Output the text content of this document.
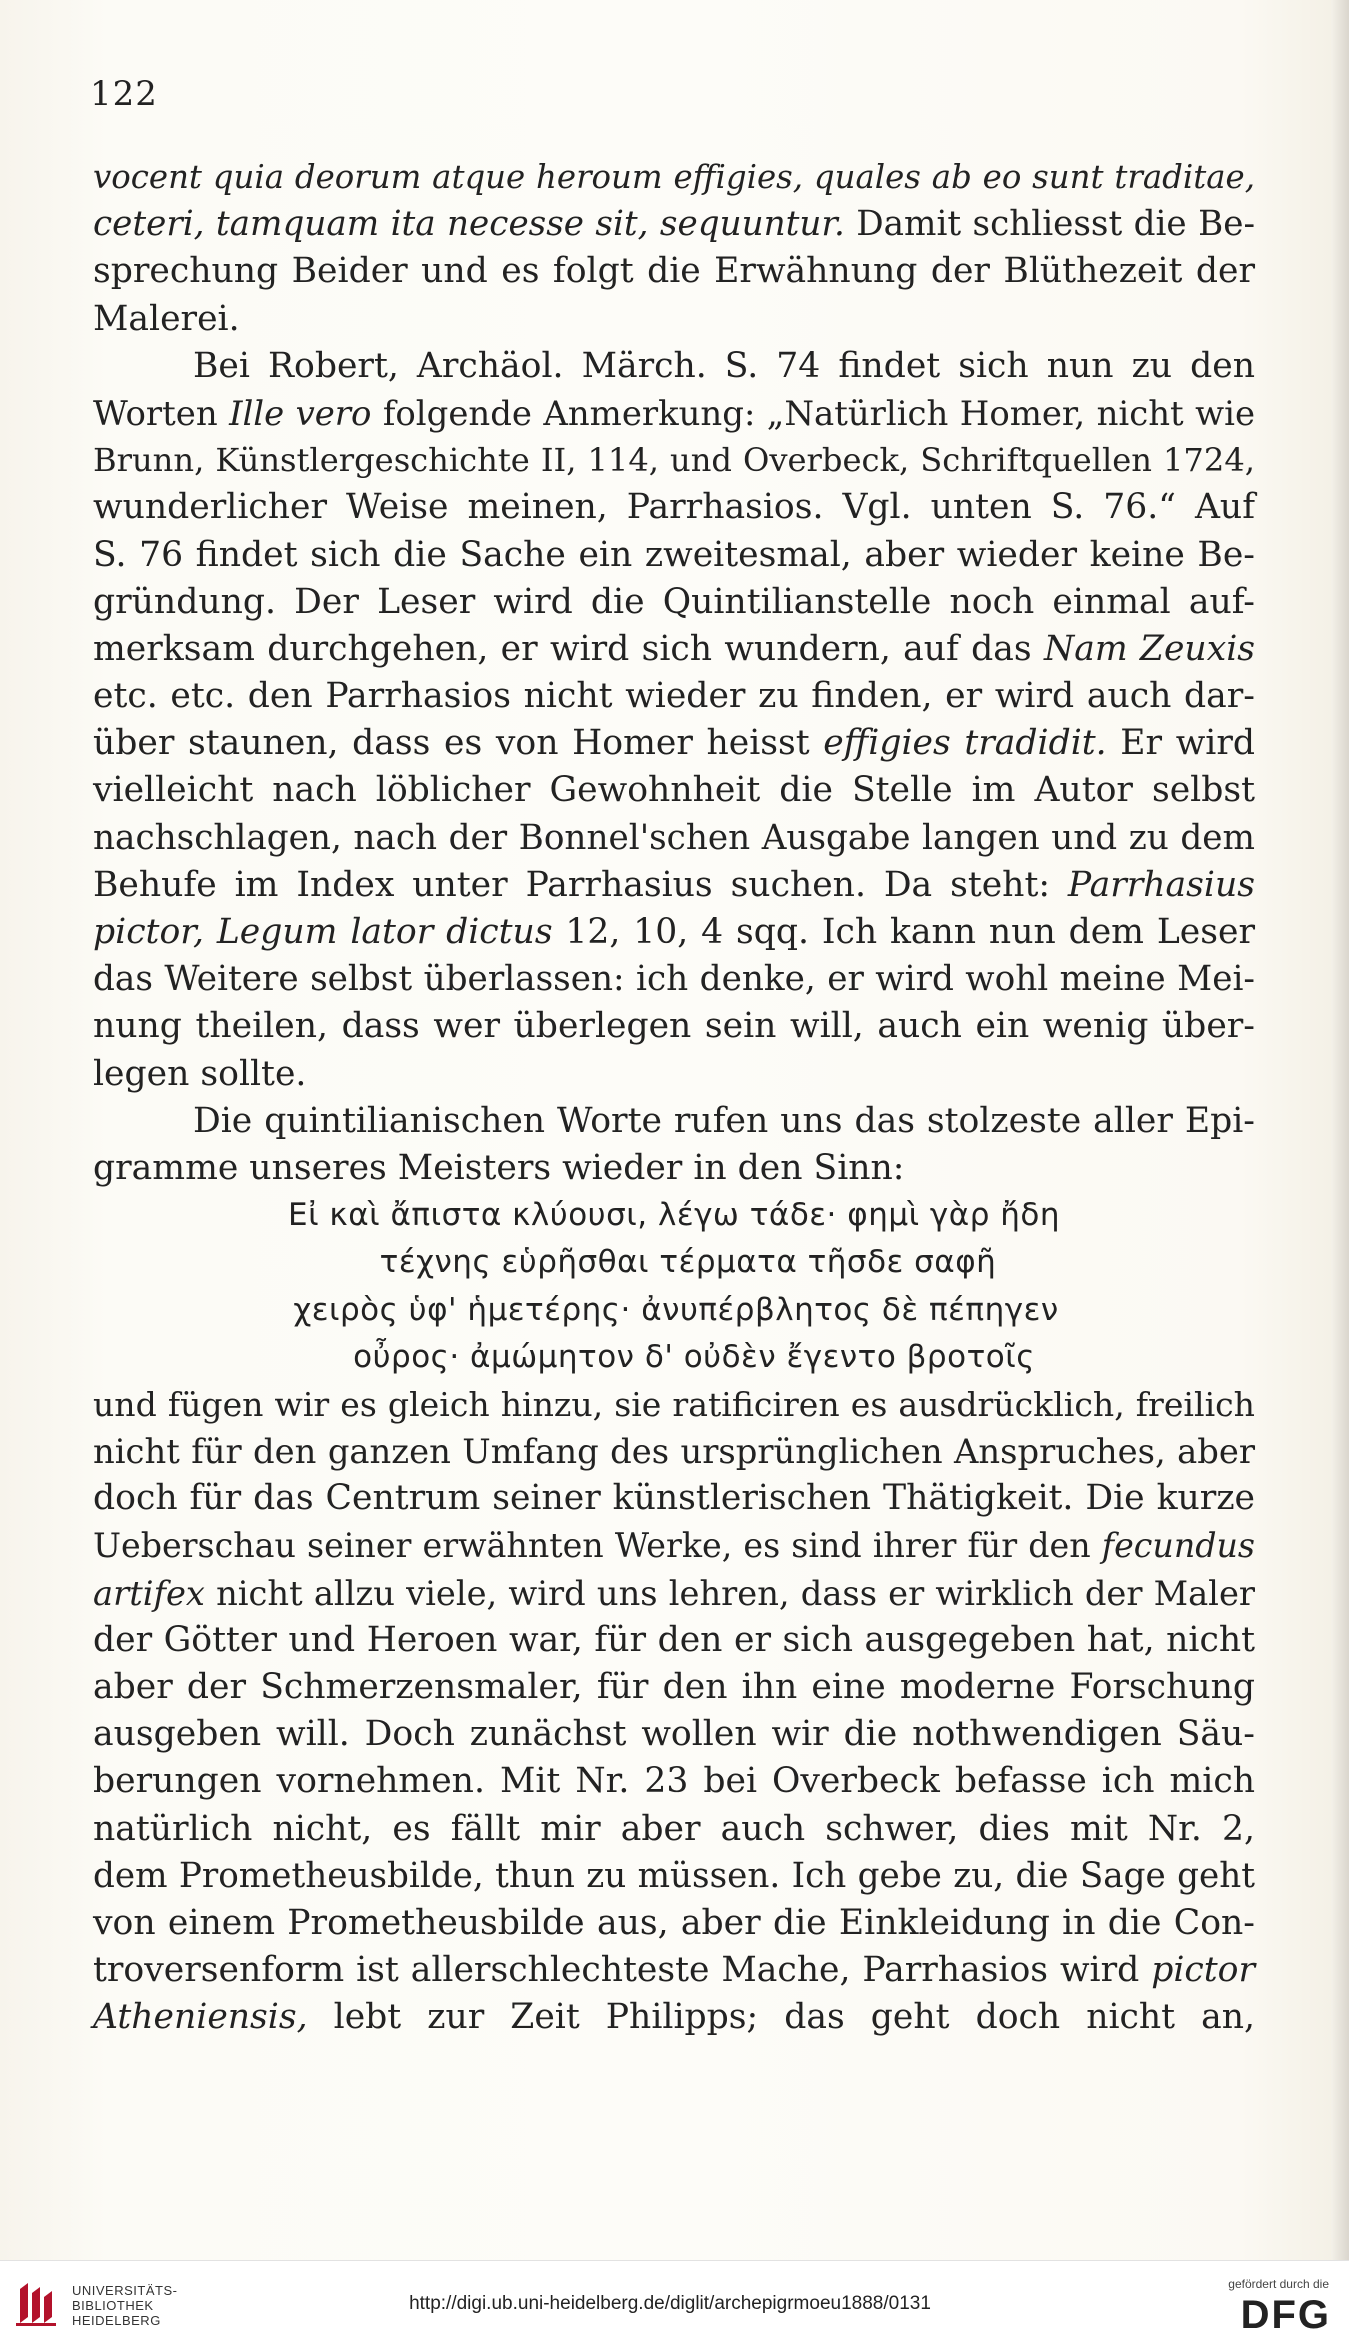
122
vocent quia deorum atque heroum effigies, quales ab eo sunt traditae,
ceteri, tamquam ita necesse sit, sequuntur. Damit schliesst die Be-
sprechung Beider und es folgt die Erwähnung der Blüthezeit der
Malerei.
Bei Robert, Archäol. Märch. S. 74 findet sich nun zu den
Worten Ille vero folgende Anmerkung: „Natürlich Homer, nicht wie
Brunn, Künstlergeschichte II, 114, und Overbeck, Schriftquellen 1724,
wunderlicher Weise meinen, Parrhasios. Vgl. unten S. 76.“ Auf
S. 76 findet sich die Sache ein zweitesmal, aber wieder keine Be-
gründung. Der Leser wird die Quintilianstelle noch einmal auf-
merksam durchgehen, er wird sich wundern, auf das Nam Zeuxis
etc. etc. den Parrhasios nicht wieder zu finden, er wird auch dar-
über staunen, dass es von Homer heisst effigies tradidit. Er wird
vielleicht nach löblicher Gewohnheit die Stelle im Autor selbst
nachschlagen, nach der Bonnel'schen Ausgabe langen und zu dem
Behufe im Index unter Parrhasius suchen. Da steht: Parrhasius
pictor, Legum lator dictus 12, 10, 4 sqq. Ich kann nun dem Leser
das Weitere selbst überlassen: ich denke, er wird wohl meine Mei-
nung theilen, dass wer überlegen sein will, auch ein wenig über-
legen sollte.
Die quintilianischen Worte rufen uns das stolzeste aller Epi-
gramme unseres Meisters wieder in den Sinn:
Εἰ καὶ ἄπιστα κλύουσι, λέγω τάδε· φημὶ γὰρ ἤδη
τέχνης εὑρῆσθαι τέρματα τῆσδε σαφῆ
χειρὸς ὑφ' ἡμετέρης· ἀνυπέρβλητος δὲ πέπηγεν
οὖρος· ἀμώμητον δ' οὐδὲν ἔγεντο βροτοῖς
und fügen wir es gleich hinzu, sie ratificiren es ausdrücklich, freilich
nicht für den ganzen Umfang des ursprünglichen Anspruches, aber
doch für das Centrum seiner künstlerischen Thätigkeit. Die kurze
Ueberschau seiner erwähnten Werke, es sind ihrer für den fecundus
artifex nicht allzu viele, wird uns lehren, dass er wirklich der Maler
der Götter und Heroen war, für den er sich ausgegeben hat, nicht
aber der Schmerzensmaler, für den ihn eine moderne Forschung
ausgeben will. Doch zunächst wollen wir die nothwendigen Säu-
berungen vornehmen. Mit Nr. 23 bei Overbeck befasse ich mich
natürlich nicht, es fällt mir aber auch schwer, dies mit Nr. 2,
dem Prometheusbilde, thun zu müssen. Ich gebe zu, die Sage geht
von einem Prometheusbilde aus, aber die Einkleidung in die Con-
troversenform ist allerschlechteste Mache, Parrhasios wird pictor
Atheniensis, lebt zur Zeit Philipps; das geht doch nicht an,
UNIVERSITÄTS-
BIBLIOTHEK
HEIDELBERG
http://digi.ub.uni-heidelberg.de/diglit/archepigrmoeu1888/0131
gefördert durch die
DFG
